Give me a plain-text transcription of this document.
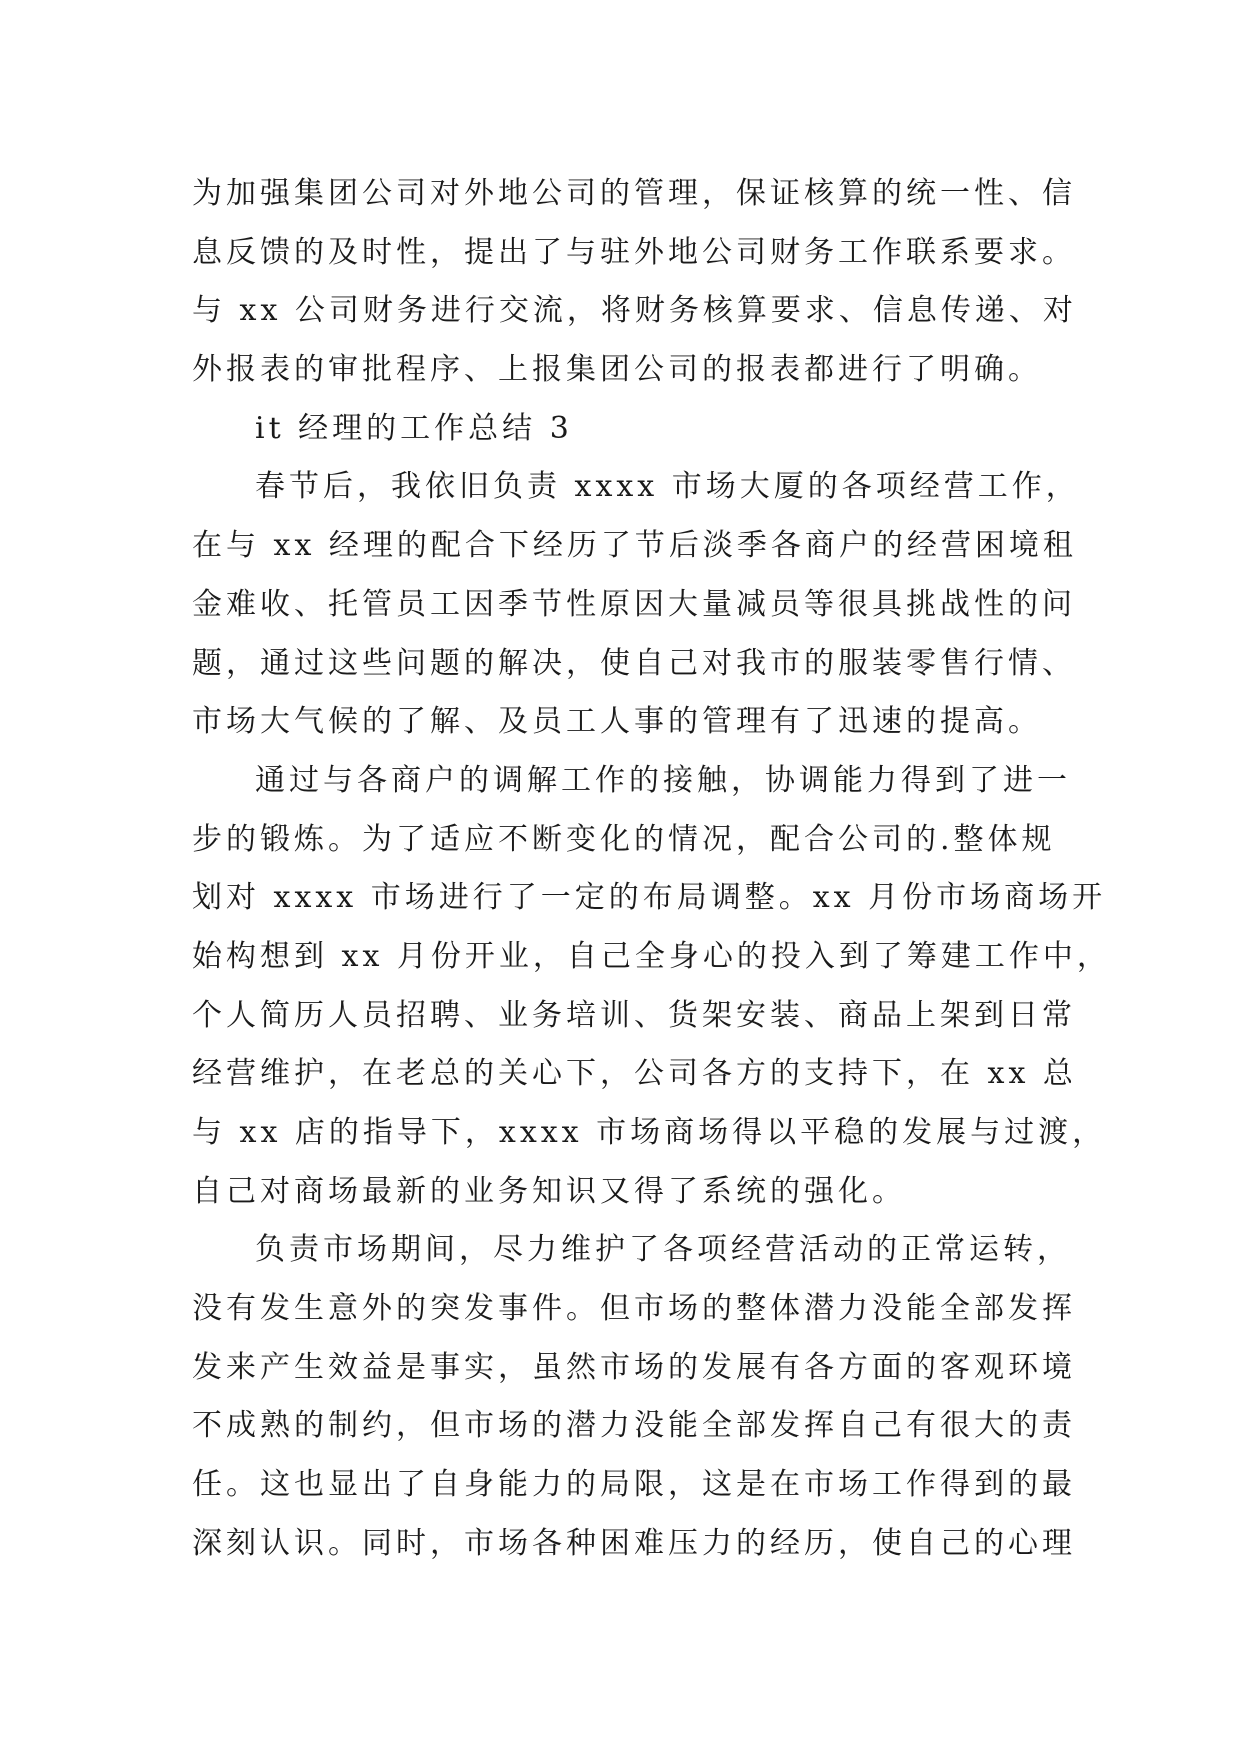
为加强集团公司对外地公司的管理，保证核算的统一性、信
息反馈的及时性，提出了与驻外地公司财务工作联系要求。
与 xx 公司财务进行交流，将财务核算要求、信息传递、对
外报表的审批程序、上报集团公司的报表都进行了明确。
it 经理的工作总结 3
春节后，我依旧负责 xxxx 市场大厦的各项经营工作，
在与 xx 经理的配合下经历了节后淡季各商户的经营困境租
金难收、托管员工因季节性原因大量减员等很具挑战性的问
题，通过这些问题的解决，使自己对我市的服装零售行情、
市场大气候的了解、及员工人事的管理有了迅速的提高。
通过与各商户的调解工作的接触，协调能力得到了进一
步的锻炼。为了适应不断变化的情况，配合公司的.整体规
划对 xxxx 市场进行了一定的布局调整。xx 月份市场商场开
始构想到 xx 月份开业，自己全身心的投入到了筹建工作中，
个人简历人员招聘、业务培训、货架安装、商品上架到日常
经营维护，在老总的关心下，公司各方的支持下，在 xx 总
与 xx 店的指导下，xxxx 市场商场得以平稳的发展与过渡，
自己对商场最新的业务知识又得了系统的强化。
负责市场期间，尽力维护了各项经营活动的正常运转，
没有发生意外的突发事件。但市场的整体潜力没能全部发挥
发来产生效益是事实，虽然市场的发展有各方面的客观环境
不成熟的制约，但市场的潜力没能全部发挥自己有很大的责
任。这也显出了自身能力的局限，这是在市场工作得到的最
深刻认识。同时，市场各种困难压力的经历，使自己的心理
